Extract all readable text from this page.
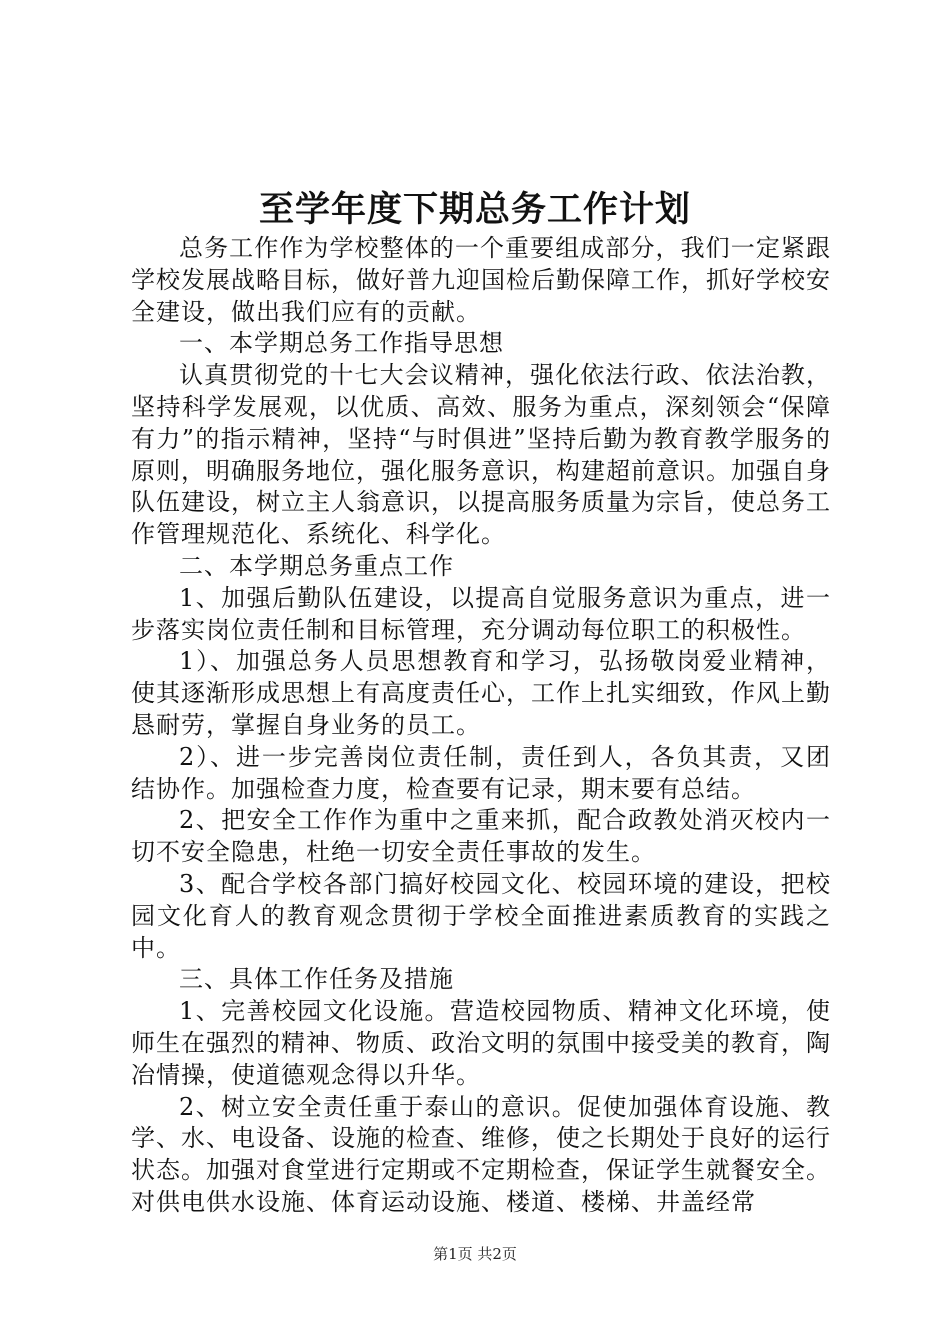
至学年度下期总务工作计划

总务工作作为学校整体的一个重要组成部分，我们一定紧跟学校发展战略目标，做好普九迎国检后勤保障工作，抓好学校安全建设，做出我们应有的贡献。

一、本学期总务工作指导思想

认真贯彻党的十七大会议精神，强化依法行政、依法治教，坚持科学发展观，以优质、高效、服务为重点，深刻领会“保障有力”的指示精神，坚持“与时俱进”坚持后勤为教育教学服务的原则，明确服务地位，强化服务意识，构建超前意识。加强自身队伍建设，树立主人翁意识，以提高服务质量为宗旨，使总务工作管理规范化、系统化、科学化。

二、本学期总务重点工作

1、加强后勤队伍建设，以提高自觉服务意识为重点，进一步落实岗位责任制和目标管理，充分调动每位职工的积极性。

1）、加强总务人员思想教育和学习，弘扬敬岗爱业精神，使其逐渐形成思想上有高度责任心，工作上扎实细致，作风上勤恳耐劳，掌握自身业务的员工。

2）、进一步完善岗位责任制，责任到人，各负其责，又团结协作。加强检查力度，检查要有记录，期末要有总结。

2、把安全工作作为重中之重来抓，配合政教处消灭校内一切不安全隐患，杜绝一切安全责任事故的发生。

3、配合学校各部门搞好校园文化、校园环境的建设，把校园文化育人的教育观念贯彻于学校全面推进素质教育的实践之中。

三、具体工作任务及措施

1、完善校园文化设施。营造校园物质、精神文化环境，使师生在强烈的精神、物质、政治文明的氛围中接受美的教育，陶冶情操，使道德观念得以升华。

2、树立安全责任重于泰山的意识。促使加强体育设施、教学、水、电设备、设施的检查、维修，使之长期处于良好的运行状态。加强对食堂进行定期或不定期检查，保证学生就餐安全。对供电供水设施、体育运动设施、楼道、楼梯、井盖经常

第1页 共2页
